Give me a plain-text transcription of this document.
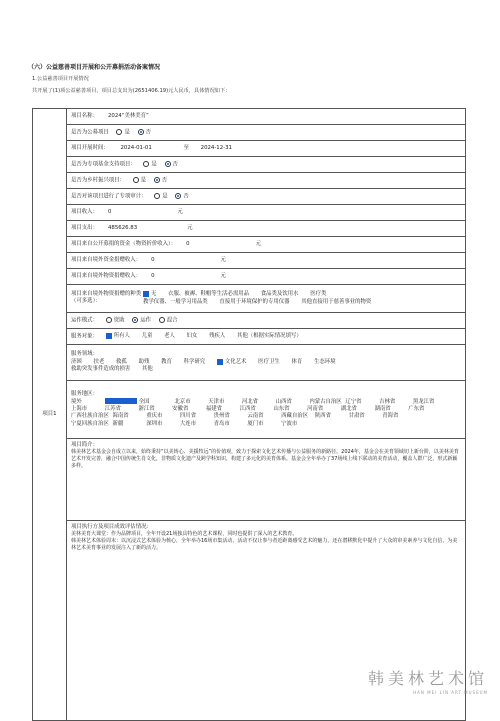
（六）公益慈善项目开展和公开募捐活动备案情况
1.公益慈善项目开展情况
共开展了(1)项公益慈善项目，项目总支出为(2651406.19)元人民币，具体情况如下：
项目1	项目名称： 2024“美林美育”
是否为公募项目	是	否
项目开展时间： 2024-01-01	至 2024-12-31
是否为专项基金支持项目：	是	否
是否为乡村振兴项目：	是	否
是否对该项目进行了专项审计：	是	否
项目收入： 0	元
项目支出： 485626.83	元
项目来自公开募捐的资金（物资折价收入）： 0	元
项目来自境外资金捐赠收入： 0	元
项目来自境外物资捐赠收入： 0	元

项目来自境外物资捐赠的种类（可多选）：
无 衣服、被褥、鞋帽等生活必需用品 食品类及饮用水 医疗类
教学仪器、一般学习用品类 直接用于环境保护的专用仪器 其他直接用于慈善事业的物资

运作模式：	资助	运作	混合
服务对象：	所有人 儿童 老人 妇女 残疾人 其他（根据实际情况填写）

服务领域：
济困 扶老 救孤 助残 教育 科学研究	文化艺术 医疗卫生 体育 生态环境
救助突发事件造成的损害 其他

服务地区：
境外	全国	北京市	天津市	河北省	山西省	内蒙古自治区 辽宁省	吉林省	黑龙江省
上海市	江苏省	浙江省	安徽省	福建省	江西省	山东省	河南省	湖北省	湖南省	广东省
广西壮族自治区 海南省	重庆市	四川省	贵州省	云南省	西藏自治区 陕西省	甘肃省	青海省
宁夏回族自治区 新疆	深圳市	大连市	青岛市	厦门市	宁波市

项目简介：
韩美林艺术基金会自成立以来，始终秉持“以美铸心、美援牧远”的价值观，致力于探索文化艺术传播与公益服务的新路径。2024年，基金会在美育领域切上新台阶，以美林美育艺术开发完善，融合中国传统生肖文化，非物质文化遗产及跨学科知识，构建了多元化的美育体系。基金会全年举办了37场线上线下联动的美育活动，覆盖人群广泛，形式新颖多样。

项目执行方及项目成效评估情况：
美林美育大课堂：作为品牌项目，全年开设21场独具特色的艺术课程，同时也提供了深入的艺术教育。
韩美林艺术体验周末：以沉浸式艺术体验为核心，全年举办16场市集活动，活动不仅让参与者近距离感受艺术的魅力，还在潜移默化中提升了大众的审美素养与文化自信，为美林艺术美育事业的发展注入了新的活力。
韩美林艺术馆
HAN MEI LIN ART MUSEUM
